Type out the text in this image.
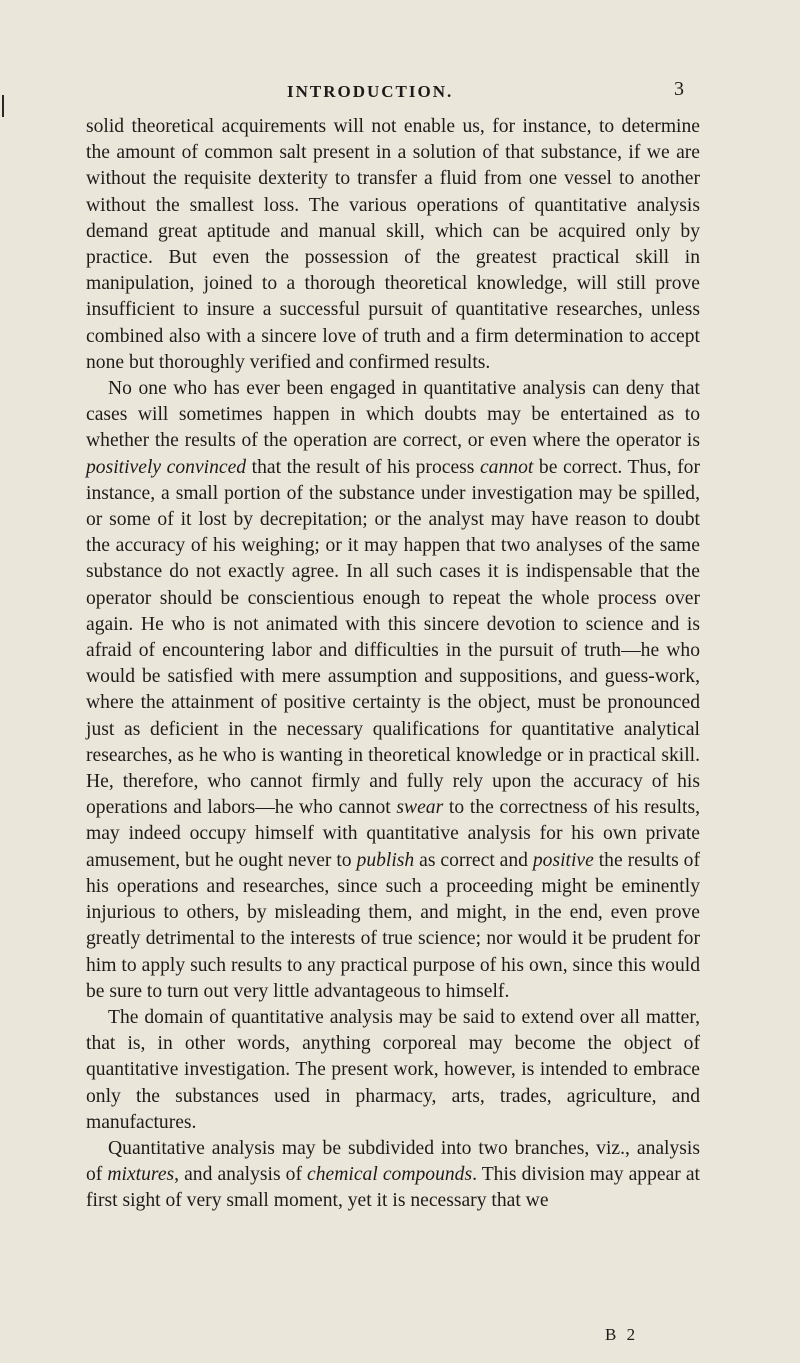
INTRODUCTION.	3

solid theoretical acquirements will not enable us, for instance, to determine the amount of common salt present in a solution of that substance, if we are without the requisite dexterity to transfer a fluid from one vessel to another without the smallest loss. The various operations of quantitative analysis demand great aptitude and manual skill, which can be acquired only by practice. But even the possession of the greatest practical skill in manipulation, joined to a thorough theoretical knowledge, will still prove insufficient to insure a successful pursuit of quantitative researches, unless combined also with a sincere love of truth and a firm determination to accept none but thoroughly verified and confirmed results.

No one who has ever been engaged in quantitative analysis can deny that cases will sometimes happen in which doubts may be entertained as to whether the results of the operation are correct, or even where the operator is positively convinced that the result of his process cannot be correct. Thus, for instance, a small portion of the substance under investigation may be spilled, or some of it lost by decrepitation; or the analyst may have reason to doubt the accuracy of his weighing; or it may happen that two analyses of the same substance do not exactly agree. In all such cases it is indispensable that the operator should be conscientious enough to repeat the whole process over again. He who is not animated with this sincere devotion to science and is afraid of encountering labor and difficulties in the pursuit of truth—he who would be satisfied with mere assumption and suppositions, and guess-work, where the attainment of positive certainty is the object, must be pronounced just as deficient in the necessary qualifications for quantitative analytical researches, as he who is wanting in theoretical knowledge or in practical skill. He, therefore, who cannot firmly and fully rely upon the accuracy of his operations and labors—he who cannot swear to the correctness of his results, may indeed occupy himself with quantitative analysis for his own private amusement, but he ought never to publish as correct and positive the results of his operations and researches, since such a proceeding might be eminently injurious to others, by misleading them, and might, in the end, even prove greatly detrimental to the interests of true science; nor would it be prudent for him to apply such results to any practical purpose of his own, since this would be sure to turn out very little advantageous to himself.

The domain of quantitative analysis may be said to extend over all matter, that is, in other words, anything corporeal may become the object of quantitative investigation. The present work, however, is intended to embrace only the substances used in pharmacy, arts, trades, agriculture, and manufactures.

Quantitative analysis may be subdivided into two branches, viz., analysis of mixtures, and analysis of chemical compounds. This division may appear at first sight of very small moment, yet it is necessary that we

B 2
